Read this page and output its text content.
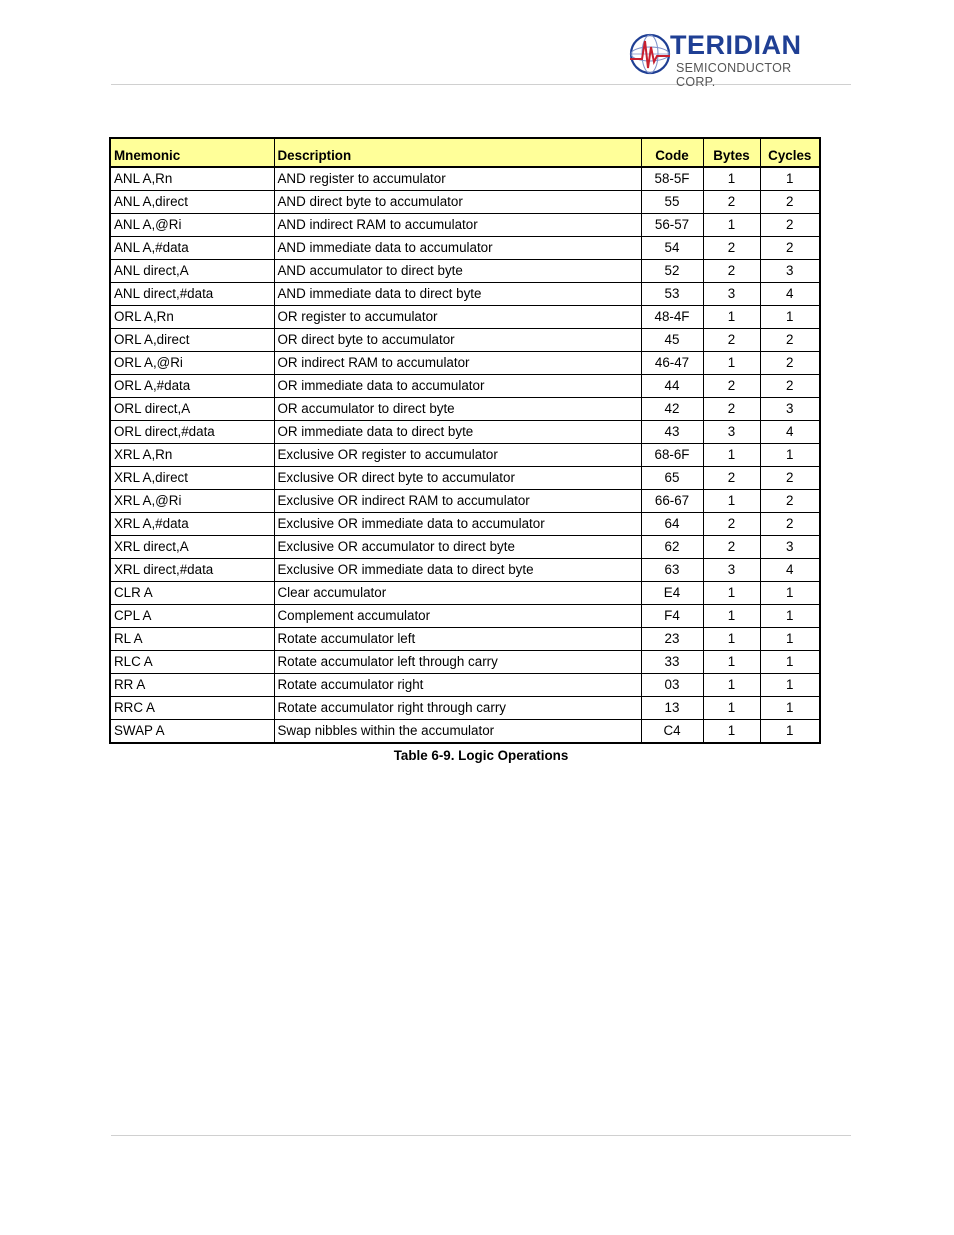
TERIDIAN
SEMICONDUCTOR CORP.
Mnemonic	Description	Code	Bytes	Cycles
ANL A,Rn	AND register to accumulator	58-5F	1	1
ANL A,direct	AND direct byte to accumulator	55	2	2
ANL A,@Ri	AND indirect RAM to accumulator	56-57	1	2
ANL A,#data	AND immediate data to accumulator	54	2	2
ANL direct,A	AND accumulator to direct byte	52	2	3
ANL direct,#data	AND immediate data to direct byte	53	3	4
ORL A,Rn	OR register to accumulator	48-4F	1	1
ORL A,direct	OR direct byte to accumulator	45	2	2
ORL A,@Ri	OR indirect RAM to accumulator	46-47	1	2
ORL A,#data	OR immediate data to accumulator	44	2	2
ORL direct,A	OR accumulator to direct byte	42	2	3
ORL direct,#data	OR immediate data to direct byte	43	3	4
XRL A,Rn	Exclusive OR register to accumulator	68-6F	1	1
XRL A,direct	Exclusive OR direct byte to accumulator	65	2	2
XRL A,@Ri	Exclusive OR indirect RAM to accumulator	66-67	1	2
XRL A,#data	Exclusive OR immediate data to accumulator	64	2	2
XRL direct,A	Exclusive OR accumulator to direct byte	62	2	3
XRL direct,#data	Exclusive OR immediate data to direct byte	63	3	4
CLR A	Clear accumulator	E4	1	1
CPL A	Complement accumulator	F4	1	1
RL A	Rotate accumulator left	23	1	1
RLC A	Rotate accumulator left through carry	33	1	1
RR A	Rotate accumulator right	03	1	1
RRC A	Rotate accumulator right through carry	13	1	1
SWAP A	Swap nibbles within the accumulator	C4	1	1
Table 6-9. Logic Operations
